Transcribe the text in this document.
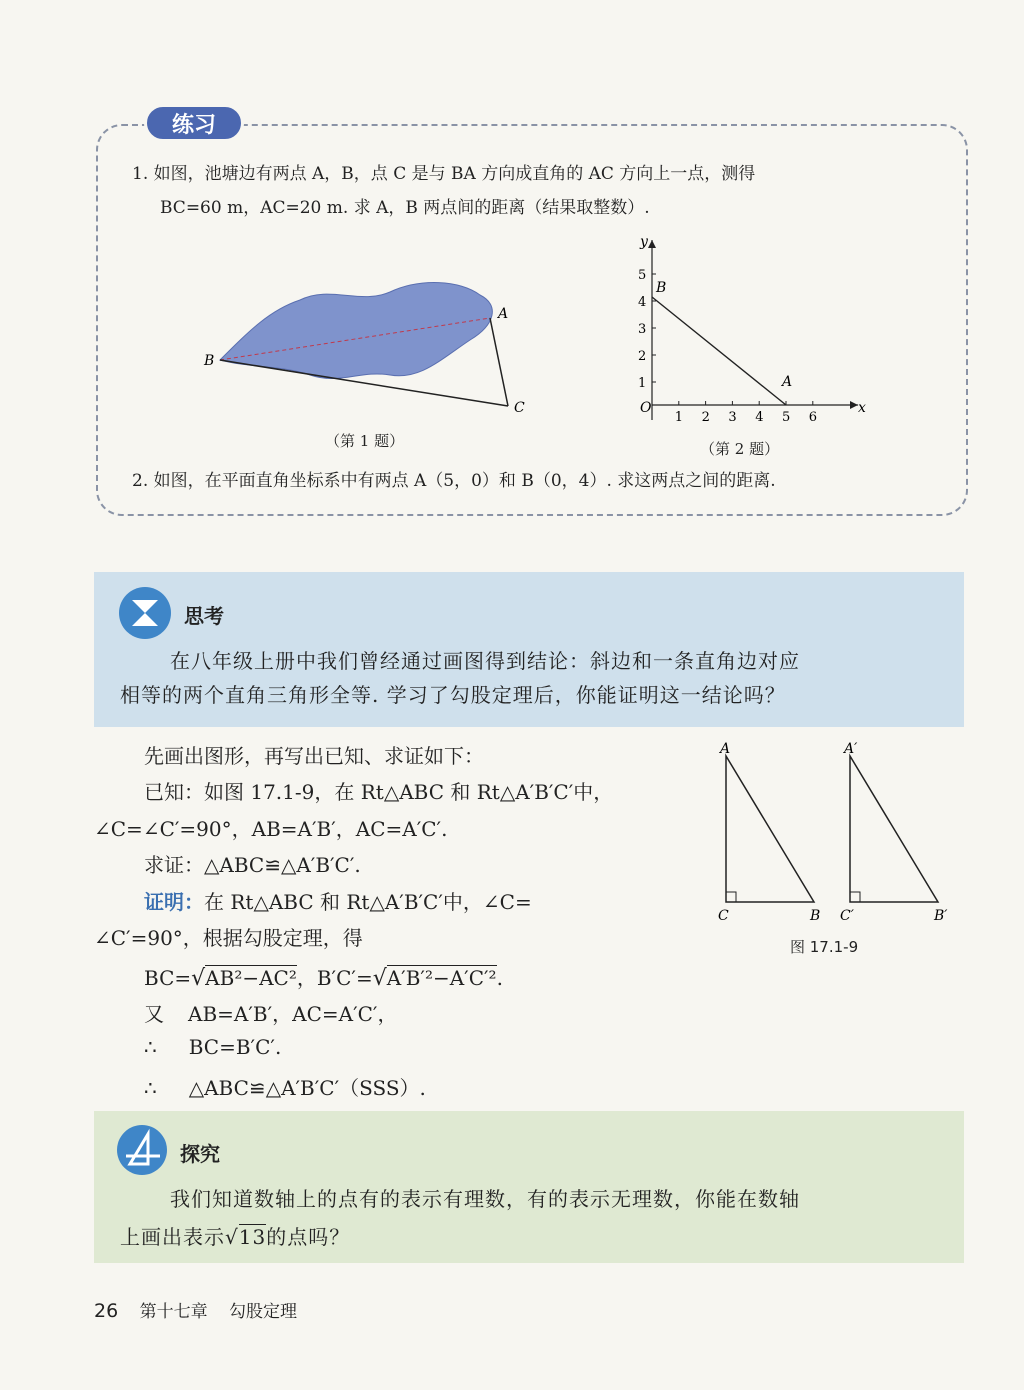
练习
1. 如图，池塘边有两点 A，B，点 C 是与 BA 方向成直角的 AC 方向上一点，测得
BC=60 m，AC=20 m. 求 A，B 两点间的距离（结果取整数）.
B
A
C
（第 1 题）
1 2 3 4 5 6
1
2
3
4
5
O	x
y
B
A
（第 2 题）
2. 如图，在平面直角坐标系中有两点 A（5，0）和 B（0，4）. 求这两点之间的距离.
思考
在八年级上册中我们曾经通过画图得到结论：斜边和一条直角边对应
相等的两个直角三角形全等. 学习了勾股定理后，你能证明这一结论吗？
先画出图形，再写出已知、求证如下：
已知：如图 17.1-9，在 Rt△ABC 和 Rt△A′B′C′中，
∠C=∠C′=90°，AB=A′B′，AC=A′C′.
求证：△ABC≌△A′B′C′.
证明：在 Rt△ABC 和 Rt△A′B′C′中，∠C=
∠C′=90°，根据勾股定理，得
BC=√AB²−AC²，B′C′=√A′B′²−A′C′².
又 AB=A′B′，AC=A′C′，
∴ BC=B′C′.
∴ △ABC≌△A′B′C′（SSS）.
A
C	B
A′
C′	B′
图 17.1-9
探究
我们知道数轴上的点有的表示有理数，有的表示无理数，你能在数轴
上画出表示√13的点吗？
26 第十七章 勾股定理
